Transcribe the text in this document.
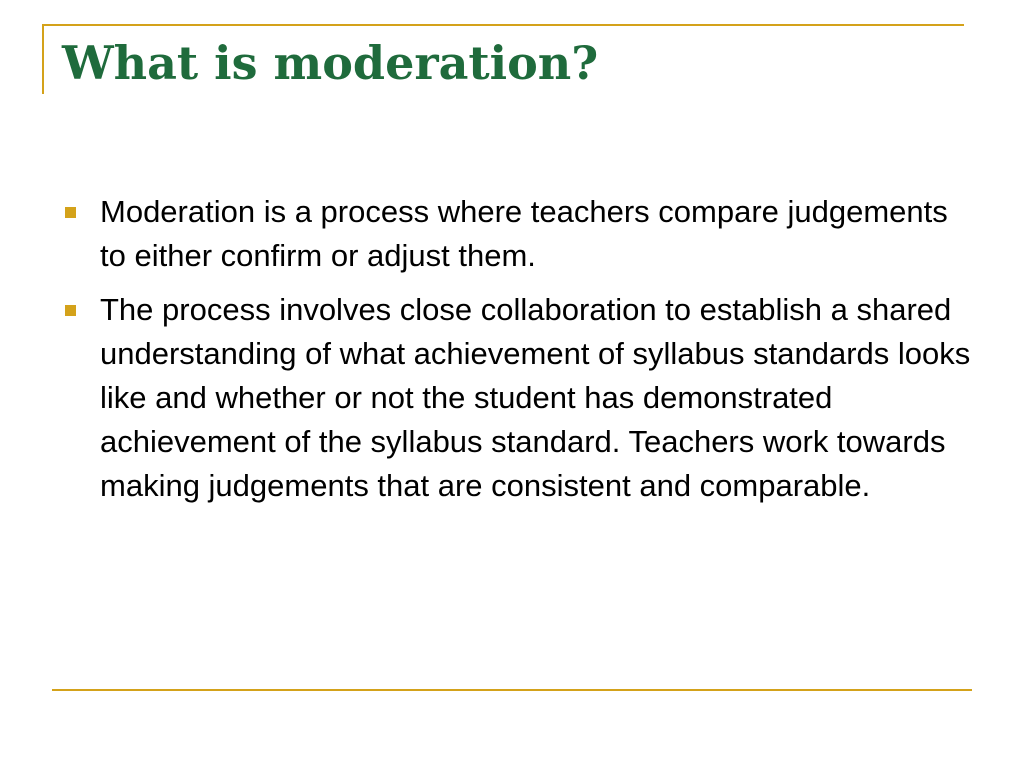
What is moderation?
Moderation is a process where teachers compare judgements to either confirm or adjust them.
The process involves close collaboration to establish a shared understanding of what achievement of syllabus standards looks like and whether or not the student has demonstrated achievement of the syllabus standard. Teachers work towards making judgements that are consistent and comparable.
